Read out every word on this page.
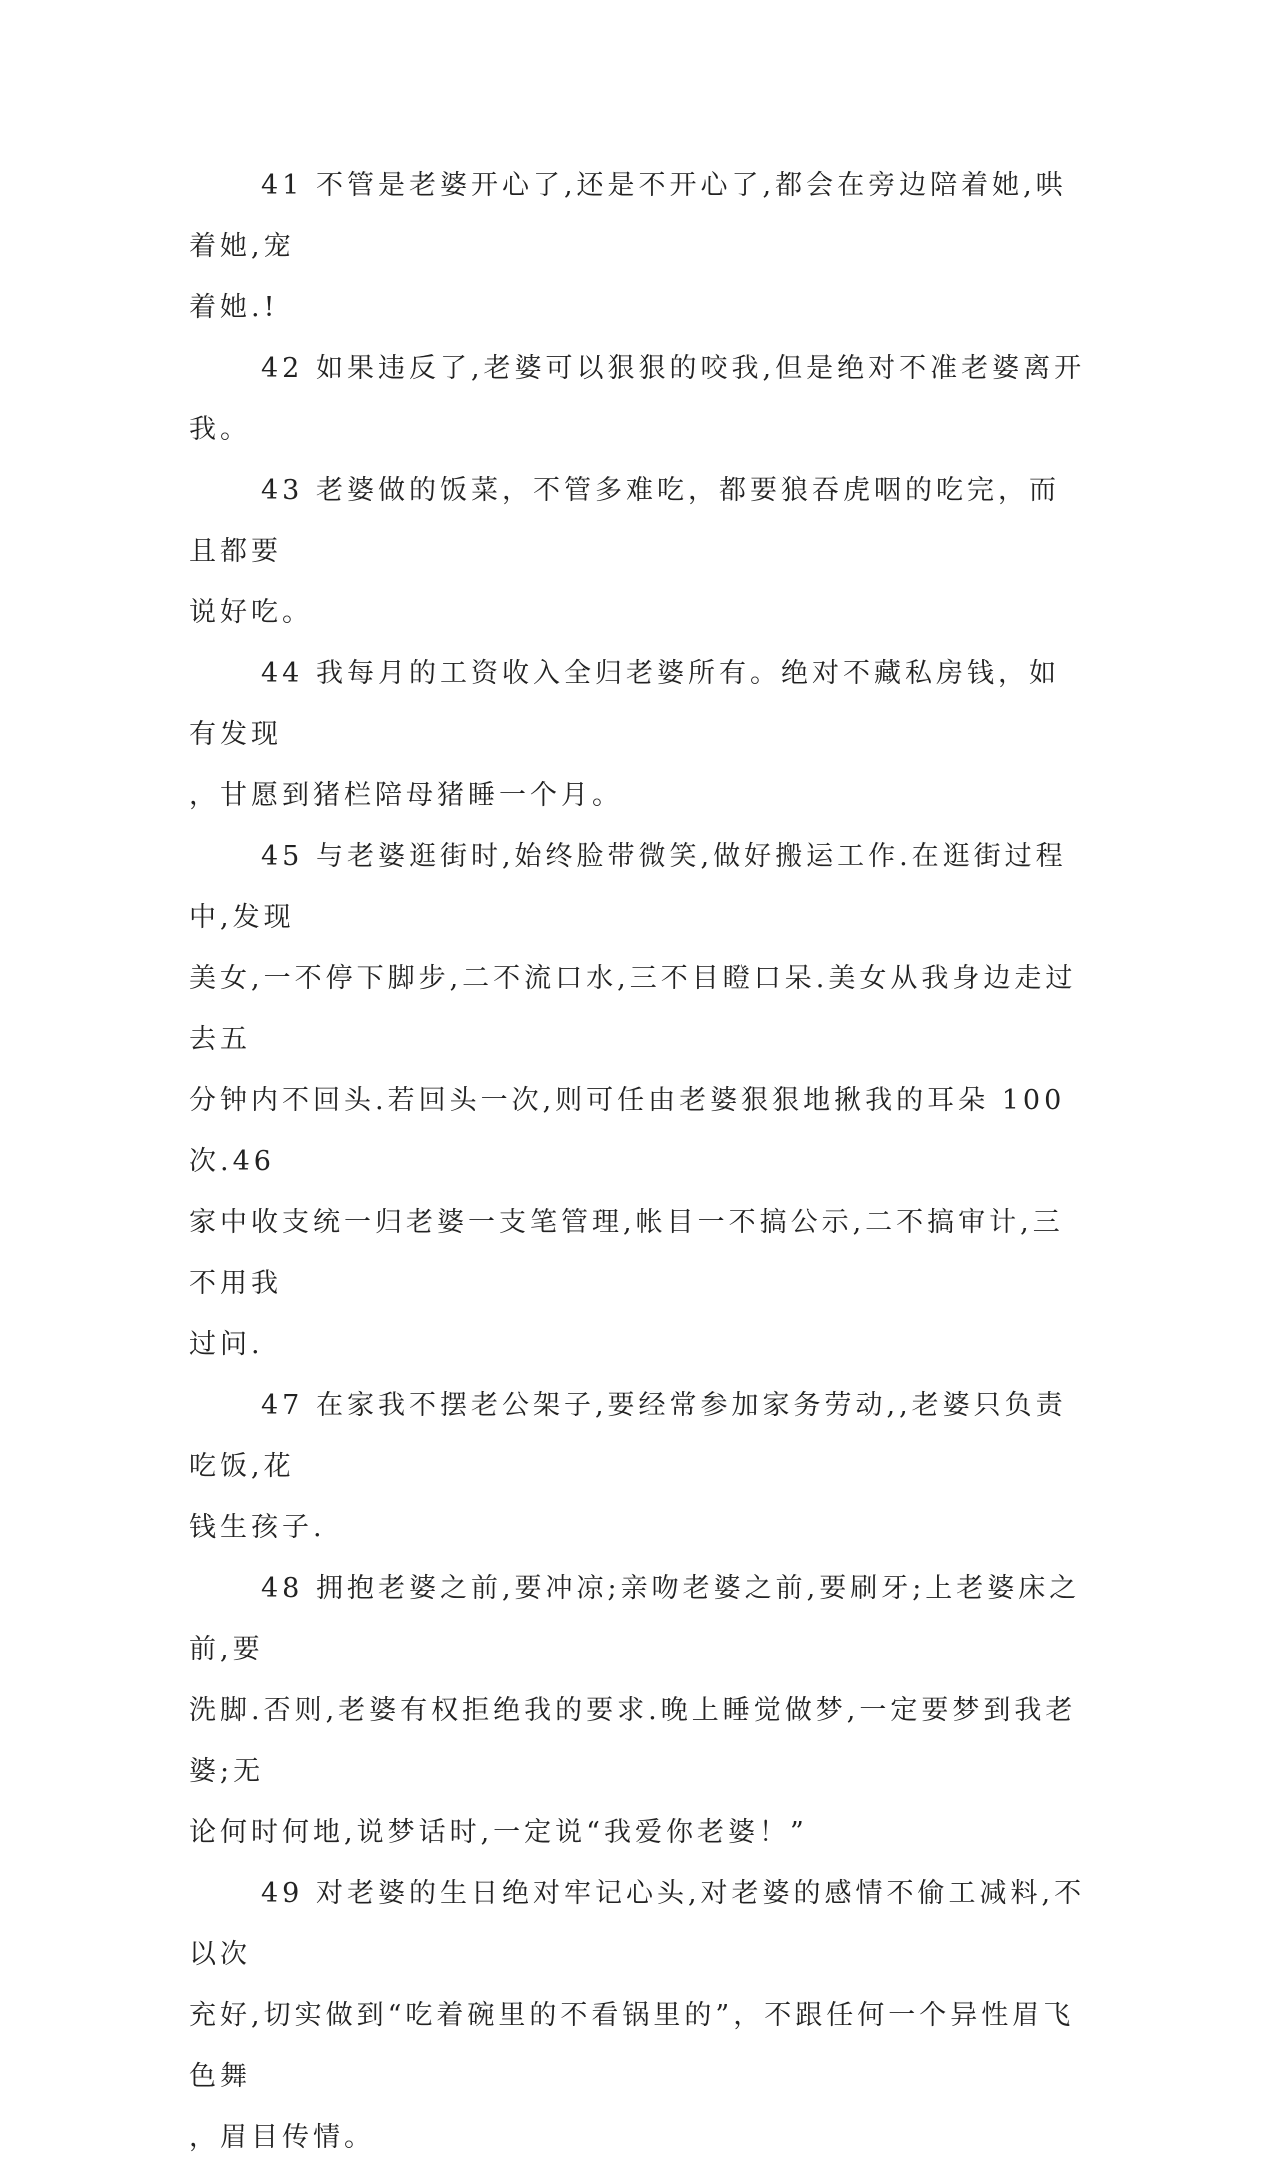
41 不管是老婆开心了,还是不开心了,都会在旁边陪着她,哄着她,宠
着她.!

42 如果违反了,老婆可以狠狠的咬我,但是绝对不准老婆离开我。

43 老婆做的饭菜，不管多难吃，都要狼吞虎咽的吃完，而且都要
说好吃。

44 我每月的工资收入全归老婆所有。绝对不藏私房钱，如有发现
，甘愿到猪栏陪母猪睡一个月。

45 与老婆逛街时,始终脸带微笑,做好搬运工作.在逛街过程中,发现
美女,一不停下脚步,二不流口水,三不目瞪口呆.美女从我身边走过去五
分钟内不回头.若回头一次,则可任由老婆狠狠地揪我的耳朵 100 次.46
家中收支统一归老婆一支笔管理,帐目一不搞公示,二不搞审计,三不用我
过问.

47 在家我不摆老公架子,要经常参加家务劳动,,老婆只负责吃饭,花
钱生孩子.

48 拥抱老婆之前,要冲凉;亲吻老婆之前,要刷牙;上老婆床之前,要
洗脚.否则,老婆有权拒绝我的要求.晚上睡觉做梦,一定要梦到我老婆;无
论何时何地,说梦话时,一定说“我爱你老婆！”

49 对老婆的生日绝对牢记心头,对老婆的感情不偷工减料,不以次
充好,切实做到“吃着碗里的不看锅里的”，不跟任何一个异性眉飞色舞
，眉目传情。
